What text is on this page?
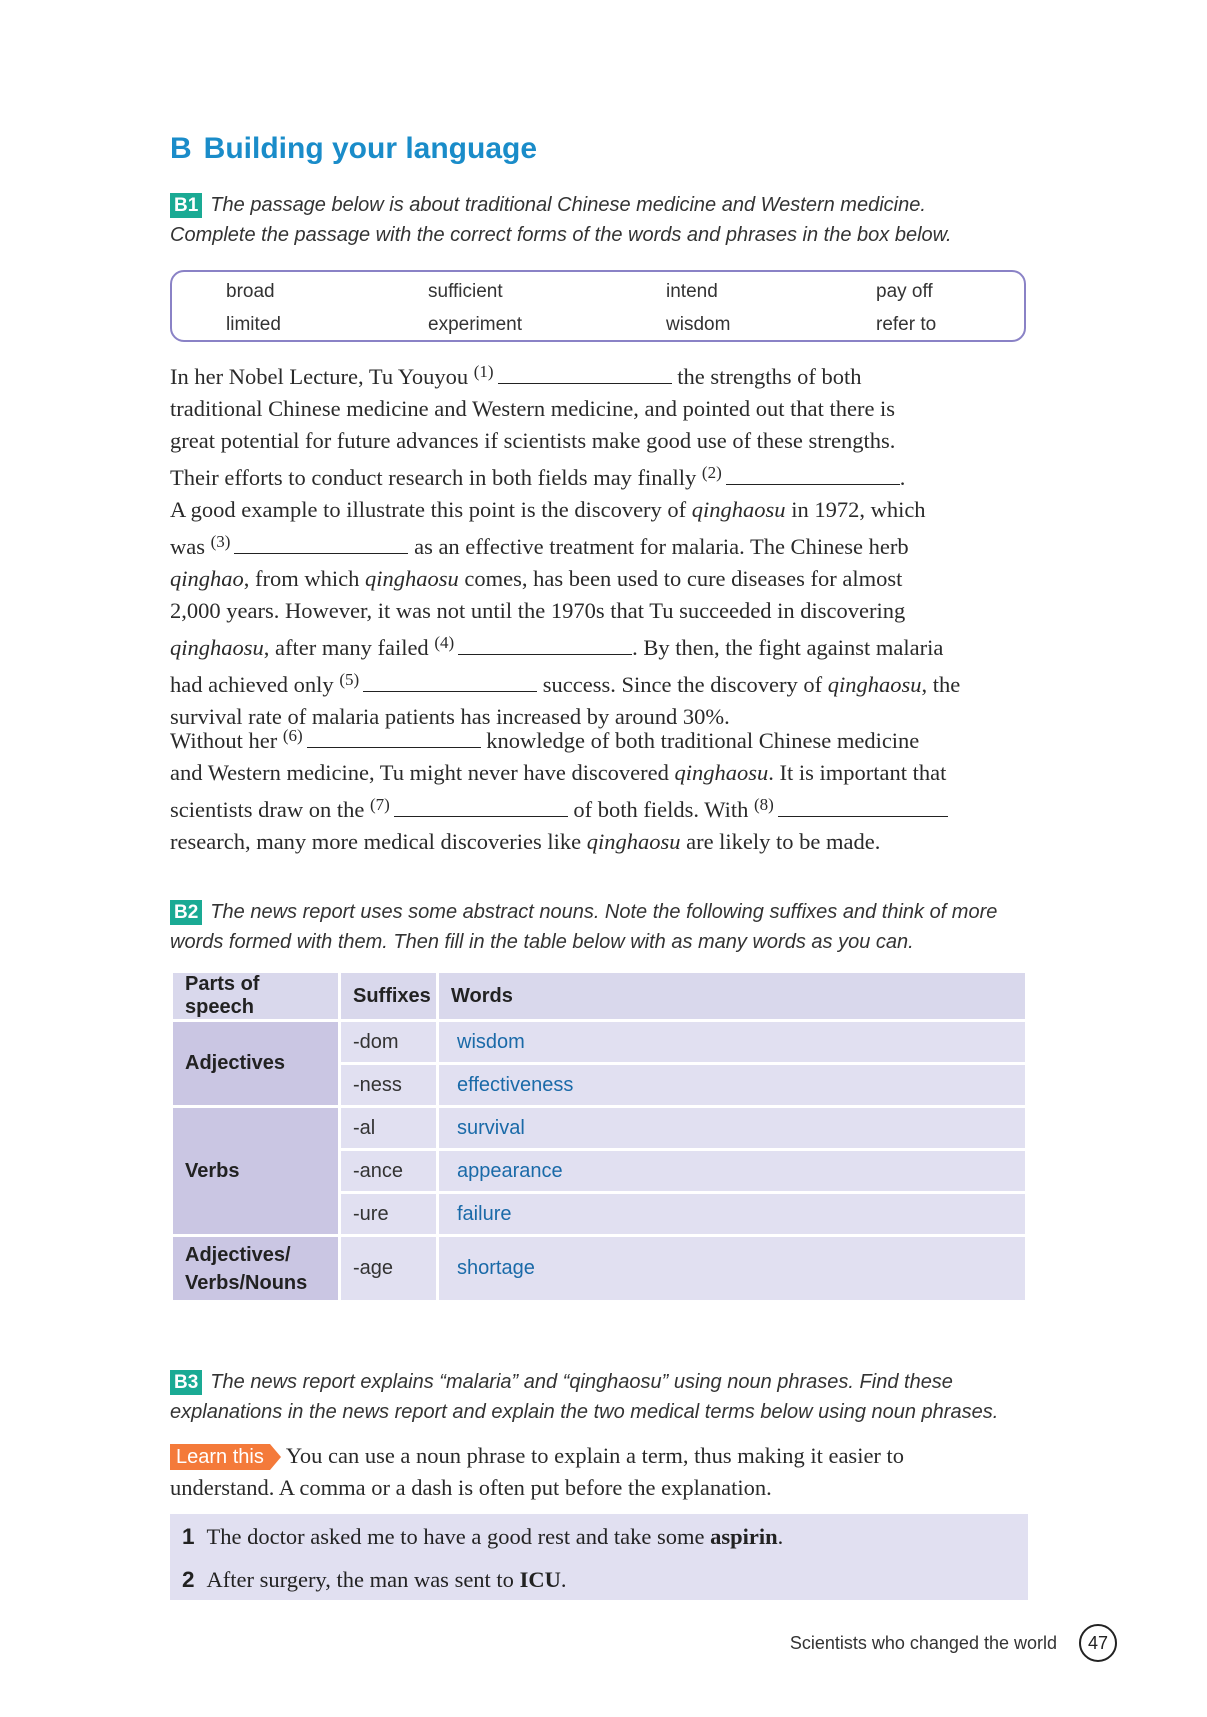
B Building your language
B1 The passage below is about traditional Chinese medicine and Western medicine.
Complete the passage with the correct forms of the words and phrases in the box below.
broad	sufficient	intend	pay off
limited	experiment	wisdom	refer to
In her Nobel Lecture, Tu Youyou $^{(1)}$	the strengths of both
traditional Chinese medicine and Western medicine, and pointed out that there is
great potential for future advances if scientists make good use of these strengths.
Their efforts to conduct research in both fields may finally $^{(2)}$	.
A good example to illustrate this point is the discovery of qinghaosu in 1972, which
was $^{(3)}$	as an effective treatment for malaria. The Chinese herb
qinghao, from which qinghaosu comes, has been used to cure diseases for almost
2,000 years. However, it was not until the 1970s that Tu succeeded in discovering
qinghaosu, after many failed $^{(4)}$	. By then, the fight against malaria
had achieved only $^{(5)}$	success. Since the discovery of qinghaosu, the
survival rate of malaria patients has increased by around 30%.
Without her $^{(6)}$	knowledge of both traditional Chinese medicine
and Western medicine, Tu might never have discovered qinghaosu. It is important that
scientists draw on the $^{(7)}$	of both fields. With $^{(8)}$
research, many more medical discoveries like qinghaosu are likely to be made.
B2 The news report uses some abstract nouns. Note the following suffixes and think of more
words formed with them. Then fill in the table below with as many words as you can.
Parts of speech	Suffixes	Words
Adjectives	-dom	wisdom
	-ness	effectiveness
Verbs	-al	survival
	-ance	appearance
	-ure	failure
Adjectives/
Verbs/Nouns	-age	shortage
B3 The news report explains “malaria” and “qinghaosu” using noun phrases. Find these
explanations in the news report and explain the two medical terms below using noun phrases.
Learn this You can use a noun phrase to explain a term, thus making it easier to
understand. A comma or a dash is often put before the explanation.
1 The doctor asked me to have a good rest and take some aspirin.
2 After surgery, the man was sent to ICU.
Scientists who changed the world	47
